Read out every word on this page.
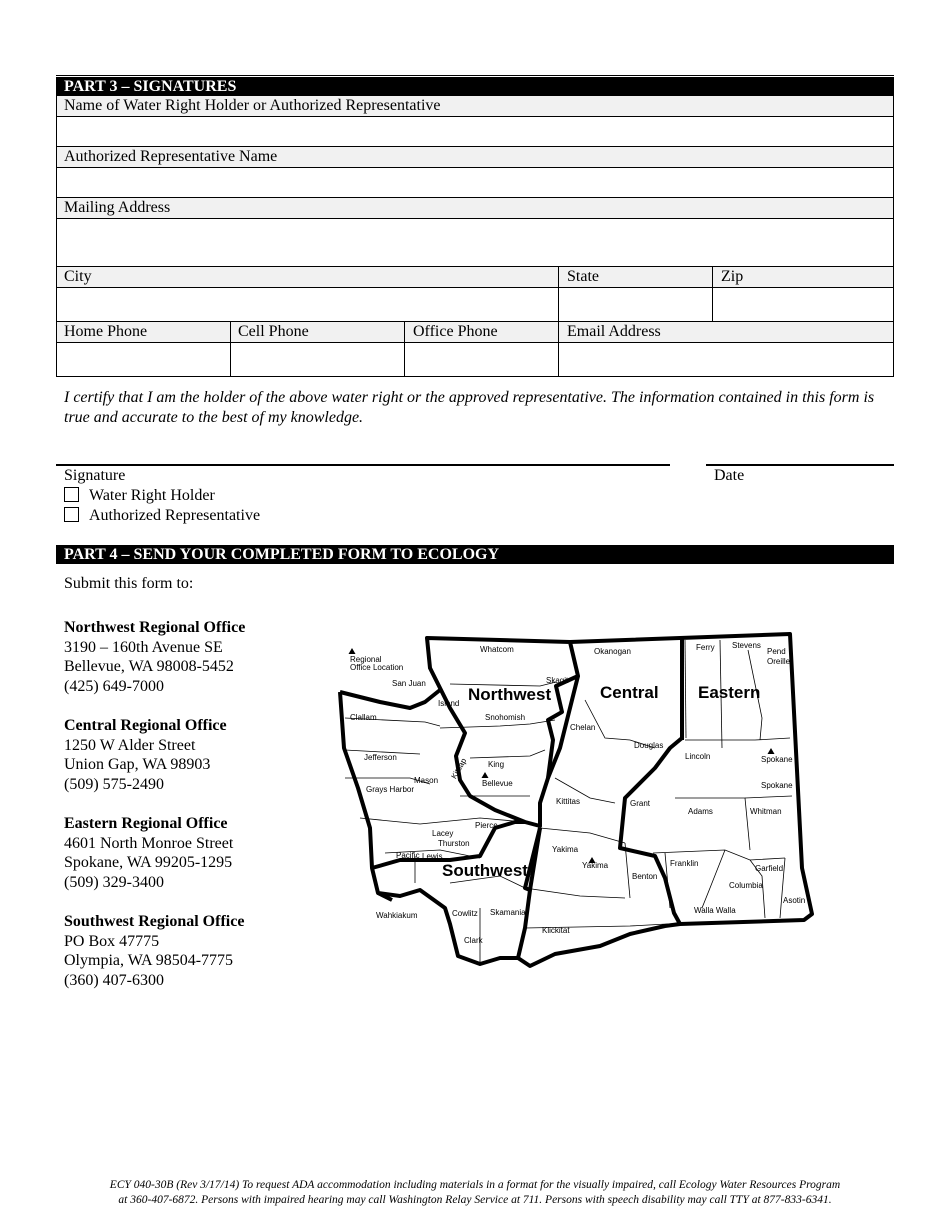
PART 3 – SIGNATURES
Name of Water Right Holder or Authorized Representative
Authorized Representative Name
Mailing Address
City	State	Zip
Home Phone	Cell Phone	Office Phone	Email Address
I certify that I am the holder of the above water right or the approved representative. The information contained in this form is true and accurate to the best of my knowledge.
Signature	Date
Water Right Holder
Authorized Representative
PART 4 – SEND YOUR COMPLETED FORM TO ECOLOGY
Submit this form to:
Northwest Regional Office
3190 – 160th Avenue SE
Bellevue, WA 98008-5452
(425) 649-7000
Central Regional Office
1250 W Alder Street
Union Gap, WA 98903
(509) 575-2490
Eastern Regional Office
4601 North Monroe Street
Spokane, WA 99205-1295
(509) 329-3400
Southwest Regional Office
PO Box 47775
Olympia, WA 98504-7775
(360) 407-6300
Regional
Office Location
Northwest	Central Eastern
Southwest
Whatcom	Okanogan	Ferry Stevens
Pend
Oreille
San Juan	Skagit
Island
Snohomish
Clallam
Chelan
Douglas
Jefferson	Kitsap King
Lincoln	Spokane
Spokane
Mason	Bellevue
Grays Harbor
Kittitas	Grant
Adams	Whitman
Pierce
Lacey
Thurston
Pacific Lewis
Yakima
Yakima	Franklin
Garfield
Benton
Columbia
Asotin
Walla Walla
Wahkiakum	Cowlitz Skamania
Clark
Klickitat
ECY 040-30B (Rev 3/17/14) To request ADA accommodation including materials in a format for the visually impaired, call Ecology Water Resources Program
at 360-407-6872. Persons with impaired hearing may call Washington Relay Service at 711. Persons with speech disability may call TTY at 877-833-6341.
